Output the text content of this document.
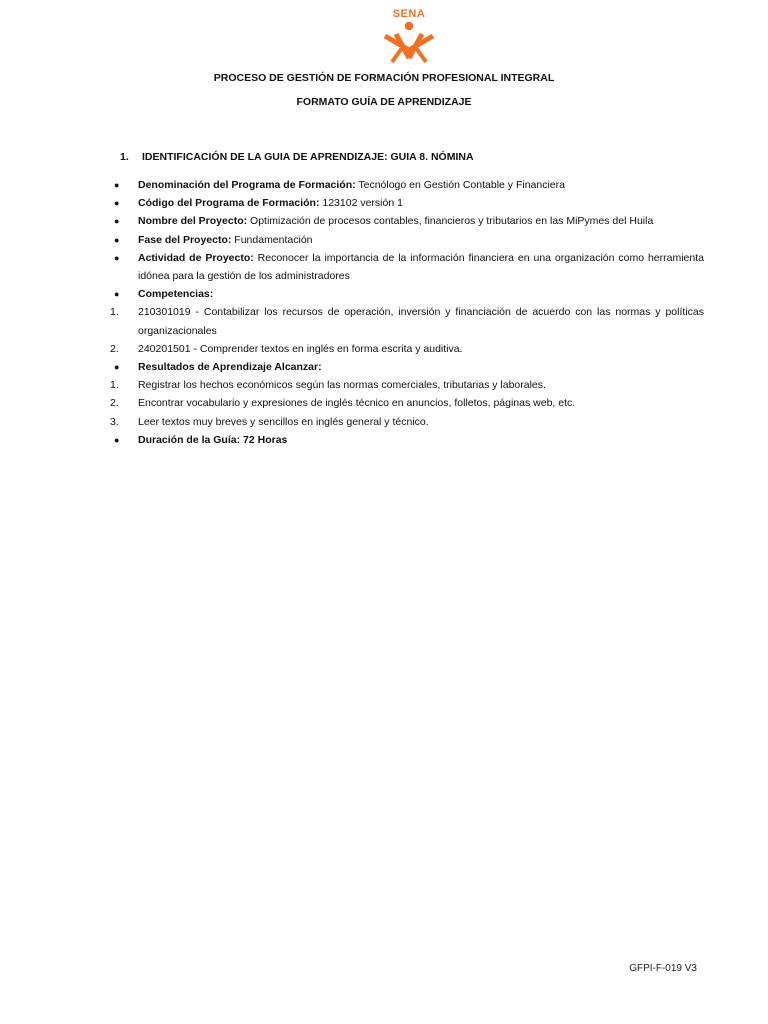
SENA
PROCESO DE GESTIÓN DE FORMACIÓN PROFESIONAL INTEGRAL
FORMATO GUÍA DE APRENDIZAJE
1. IDENTIFICACIÓN DE LA GUIA DE APRENDIZAJE: GUIA 8. NÓMINA
●	Denominación del Programa de Formación: Tecnólogo en Gestión Contable y Financiera
●	Código del Programa de Formación: 123102 versión 1
●	Nombre del Proyecto: Optimización de procesos contables, financieros y tributarios en las MiPymes del Huila
●	Fase del Proyecto: Fundamentación
●	Actividad de Proyecto: Reconocer la importancia de la información financiera en una organización como herramienta idónea para la gestión de los administradores
●	Competencias:
1.	210301019 - Contabilizar los recursos de operación, inversión y financiación de acuerdo con las normas y políticas organizacionales
2.	240201501 - Comprender textos en inglés en forma escrita y auditiva.
●	Resultados de Aprendizaje Alcanzar:
1.	Registrar los hechos económicos según las normas comerciales, tributarias y laborales.
2.	Encontrar vocabulario y expresiones de inglés técnico en anuncios, folletos, páginas web, etc.
3.	Leer textos muy breves y sencillos en inglés general y técnico.
●	Duración de la Guía: 72 Horas
GFPI-F-019 V3
